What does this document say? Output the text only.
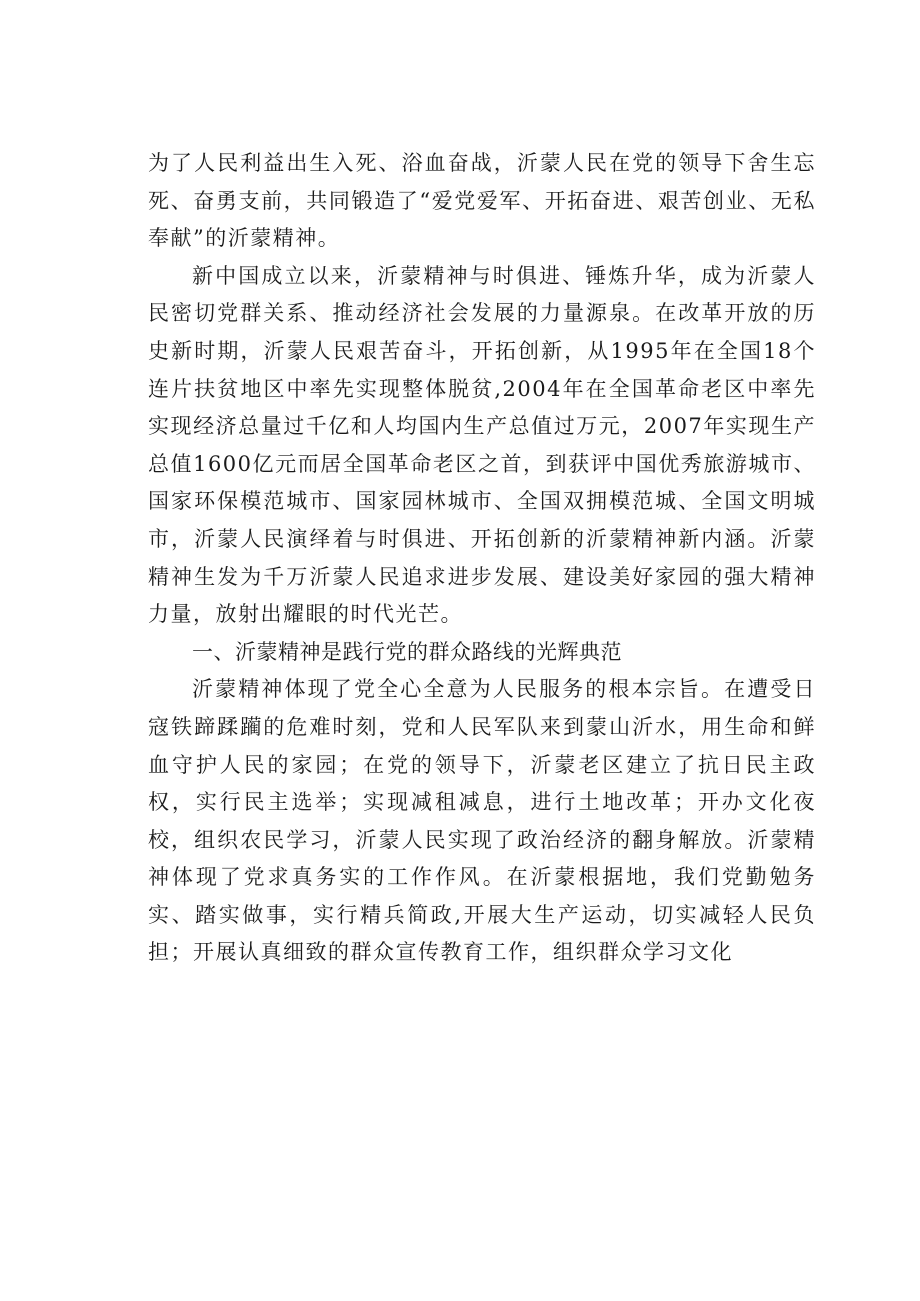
为了人民利益出生入死、浴血奋战，沂蒙人民在党的领导下舍生忘死、奋勇支前，共同锻造了“爱党爱军、开拓奋进、艰苦创业、无私奉献”的沂蒙精神。

新中国成立以来，沂蒙精神与时俱进、锤炼升华，成为沂蒙人民密切党群关系、推动经济社会发展的力量源泉。在改革开放的历史新时期，沂蒙人民艰苦奋斗，开拓创新，从1995年在全国18个连片扶贫地区中率先实现整体脱贫,2004年在全国革命老区中率先实现经济总量过千亿和人均国内生产总值过万元，2007年实现生产总值1600亿元而居全国革命老区之首，到获评中国优秀旅游城市、国家环保模范城市、国家园林城市、全国双拥模范城、全国文明城市，沂蒙人民演绎着与时俱进、开拓创新的沂蒙精神新内涵。沂蒙精神生发为千万沂蒙人民追求进步发展、建设美好家园的强大精神力量，放射出耀眼的时代光芒。

一、沂蒙精神是践行党的群众路线的光辉典范

沂蒙精神体现了党全心全意为人民服务的根本宗旨。在遭受日寇铁蹄蹂躏的危难时刻，党和人民军队来到蒙山沂水，用生命和鲜血守护人民的家园；在党的领导下，沂蒙老区建立了抗日民主政权，实行民主选举；实现减租减息，进行土地改革；开办文化夜校，组织农民学习，沂蒙人民实现了政治经济的翻身解放。沂蒙精神体现了党求真务实的工作作风。在沂蒙根据地，我们党勤勉务实、踏实做事，实行精兵简政,开展大生产运动，切实减轻人民负担；开展认真细致的群众宣传教育工作，组织群众学习文化
